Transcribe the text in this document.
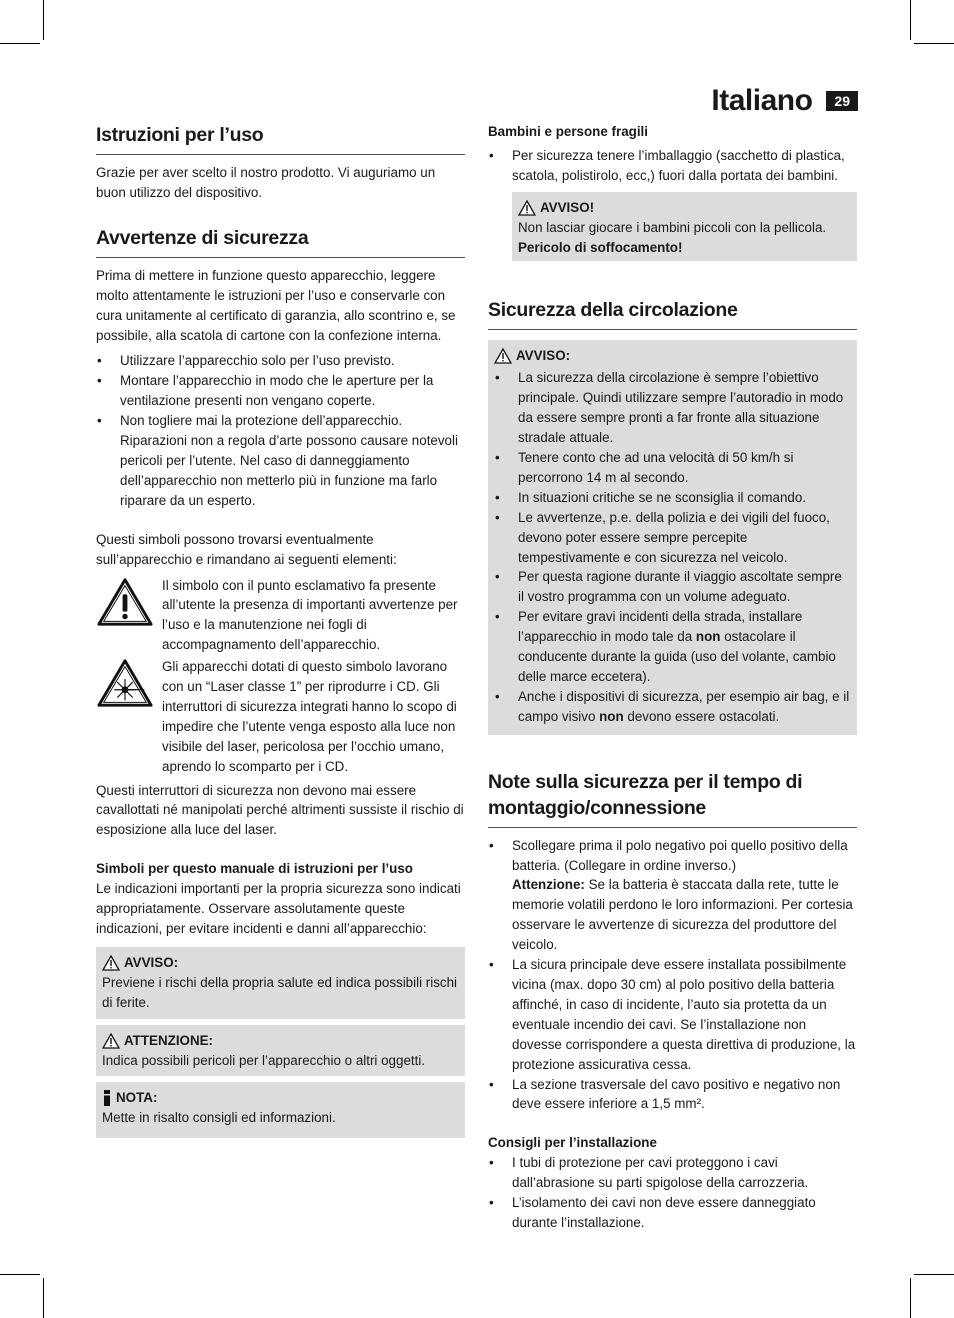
Italiano	29
Istruzioni per l’uso

Grazie per aver scelto il nostro prodotto. Vi auguriamo un buon utilizzo del dispositivo.

Avvertenze di sicurezza

Prima di mettere in funzione questo apparecchio, leggere molto attentamente le istruzioni per l’uso e conservarle con cura unitamente al certificato di garanzia, allo scontrino e, se possibile, alla scatola di cartone con la confezione interna.

• Utilizzare l’apparecchio solo per l’uso previsto.
• Montare l’apparecchio in modo che le aperture per la ventilazione presenti non vengano coperte.
• Non togliere mai la protezione dell’apparecchio. Riparazioni non a regola d’arte possono causare notevoli pericoli per l’utente. Nel caso di danneggiamento dell’apparecchio non metterlo più in funzione ma farlo riparare da un esperto.

Questi simboli possono trovarsi eventualmente sull’apparecchio e rimandano ai seguenti elementi:

Il simbolo con il punto esclamativo fa presente all’utente la presenza di importanti avvertenze per l’uso e la manutenzione nei fogli di accompagnamento dell’apparecchio.

Gli apparecchi dotati di questo simbolo lavorano con un “Laser classe 1” per riprodurre i CD. Gli interruttori di sicurezza integrati hanno lo scopo di impedire che l’utente venga esposto alla luce non visibile del laser, pericolosa per l’occhio umano, aprendo lo scomparto per i CD.

Questi interruttori di sicurezza non devono mai essere cavallottati né manipolati perché altrimenti sussiste il rischio di esposizione alla luce del laser.

Simboli per questo manuale di istruzioni per l’uso

Le indicazioni importanti per la propria sicurezza sono indicati appropriatamente. Osservare assolutamente queste indicazioni, per evitare incidenti e danni all’apparecchio:

AVVISO:

Previene i rischi della propria salute ed indica possibili rischi di ferite.

ATTENZIONE:

Indica possibili pericoli per l’apparecchio o altri oggetti.

NOTA:

Mette in risalto consigli ed informazioni.

Bambini e persone fragili

• Per sicurezza tenere l’imballaggio (sacchetto di plastica, scatola, polistirolo, ecc,) fuori dalla portata dei bambini.
AVVISO!

Non lasciar giocare i bambini piccoli con la pellicola.

Pericolo di soffocamento!

Sicurezza della circolazione
AVVISO:
• La sicurezza della circolazione è sempre l’obiettivo principale. Quindi utilizzare sempre l’autoradio in modo da essere sempre pronti a far fronte alla situazione stradale attuale.
• Tenere conto che ad una velocità di 50 km/h si percorrono 14 m al secondo.
• In situazioni critiche se ne sconsiglia il comando.
• Le avvertenze, p.e. della polizia e dei vigili del fuoco, devono poter essere sempre percepite tempestivamente e con sicurezza nel veicolo.
• Per questa ragione durante il viaggio ascoltate sempre il vostro programma con un volume adeguato.
• Per evitare gravi incidenti della strada, installare l’apparecchio in modo tale da non ostacolare il conducente durante la guida (uso del volante, cambio delle marce eccetera).
• Anche i dispositivi di sicurezza, per esempio air bag, e il campo visivo non devono essere ostacolati.
Note sulla sicurezza per il tempo di montaggio/connessione
• Scollegare prima il polo negativo poi quello positivo della batteria. (Collegare in ordine inverso.)
Attenzione: Se la batteria è staccata dalla rete, tutte le memorie volatili perdono le loro informazioni. Per cortesia osservare le avvertenze di sicurezza del produttore del veicolo.
• La sicura principale deve essere installata possibilmente vicina (max. dopo 30 cm) al polo positivo della batteria affinché, in caso di incidente, l’auto sia protetta da un eventuale incendio dei cavi. Se l’installazione non dovesse corrispondere a questa direttiva di produzione, la protezione assicurativa cessa.
• La sezione trasversale del cavo positivo e negativo non deve essere inferiore a 1,5 mm².

Consigli per l’installazione

• I tubi di protezione per cavi proteggono i cavi dall’abrasione su parti spigolose della carrozzeria.
• L’isolamento dei cavi non deve essere danneggiato durante l’installazione.
